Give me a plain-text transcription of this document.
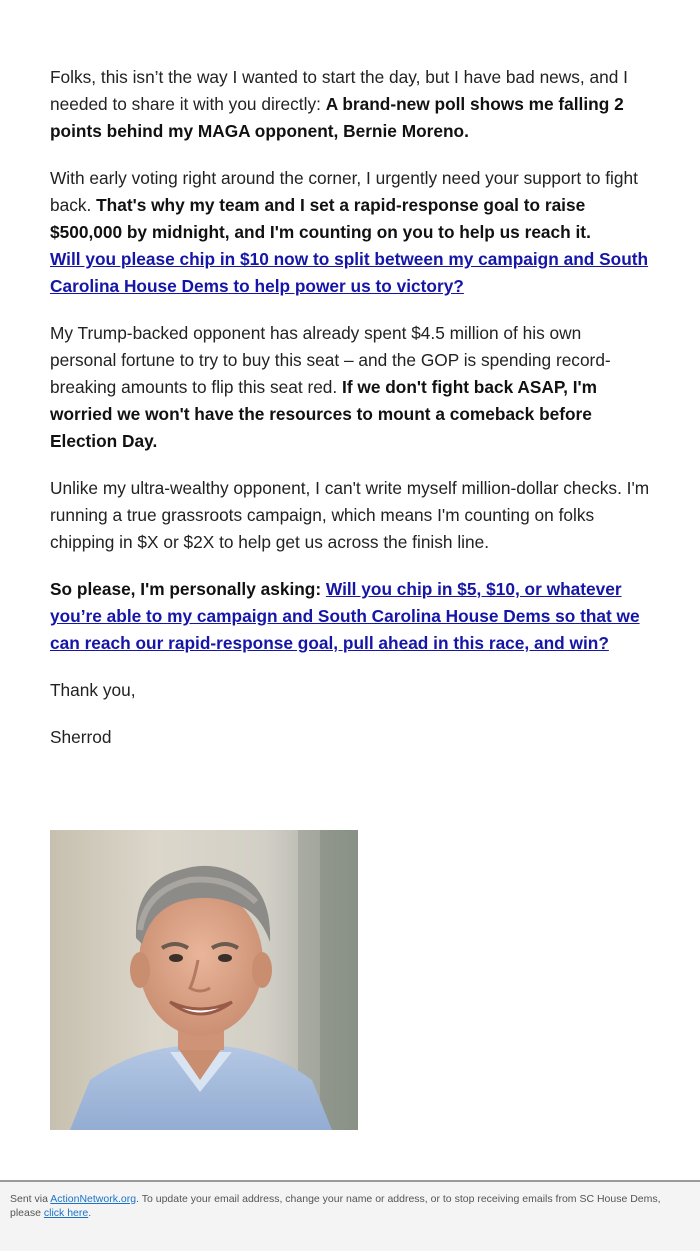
Folks, this isn’t the way I wanted to start the day, but I have bad news, and I needed to share it with you directly: A brand-new poll shows me falling 2 points behind my MAGA opponent, Bernie Moreno.

With early voting right around the corner, I urgently need your support to fight back. That's why my team and I set a rapid-response goal to raise $500,000 by midnight, and I'm counting on you to help us reach it.
Will you please chip in $10 now to split between my campaign and South Carolina House Dems to help power us to victory?

My Trump-backed opponent has already spent $4.5 million of his own personal fortune to try to buy this seat – and the GOP is spending record-breaking amounts to flip this seat red. If we don't fight back ASAP, I'm worried we won't have the resources to mount a comeback before Election Day.

Unlike my ultra-wealthy opponent, I can't write myself million-dollar checks. I'm running a true grassroots campaign, which means I'm counting on folks chipping in $X or $2X to help get us across the finish line.

So please, I'm personally asking: Will you chip in $5, $10, or whatever you’re able to my campaign and South Carolina House Dems so that we can reach our rapid-response goal, pull ahead in this race, and win?

Thank you,

Sherrod

Sent via ActionNetwork.org. To update your email address, change your name or address, or to stop receiving emails from SC House Dems, please click here.
